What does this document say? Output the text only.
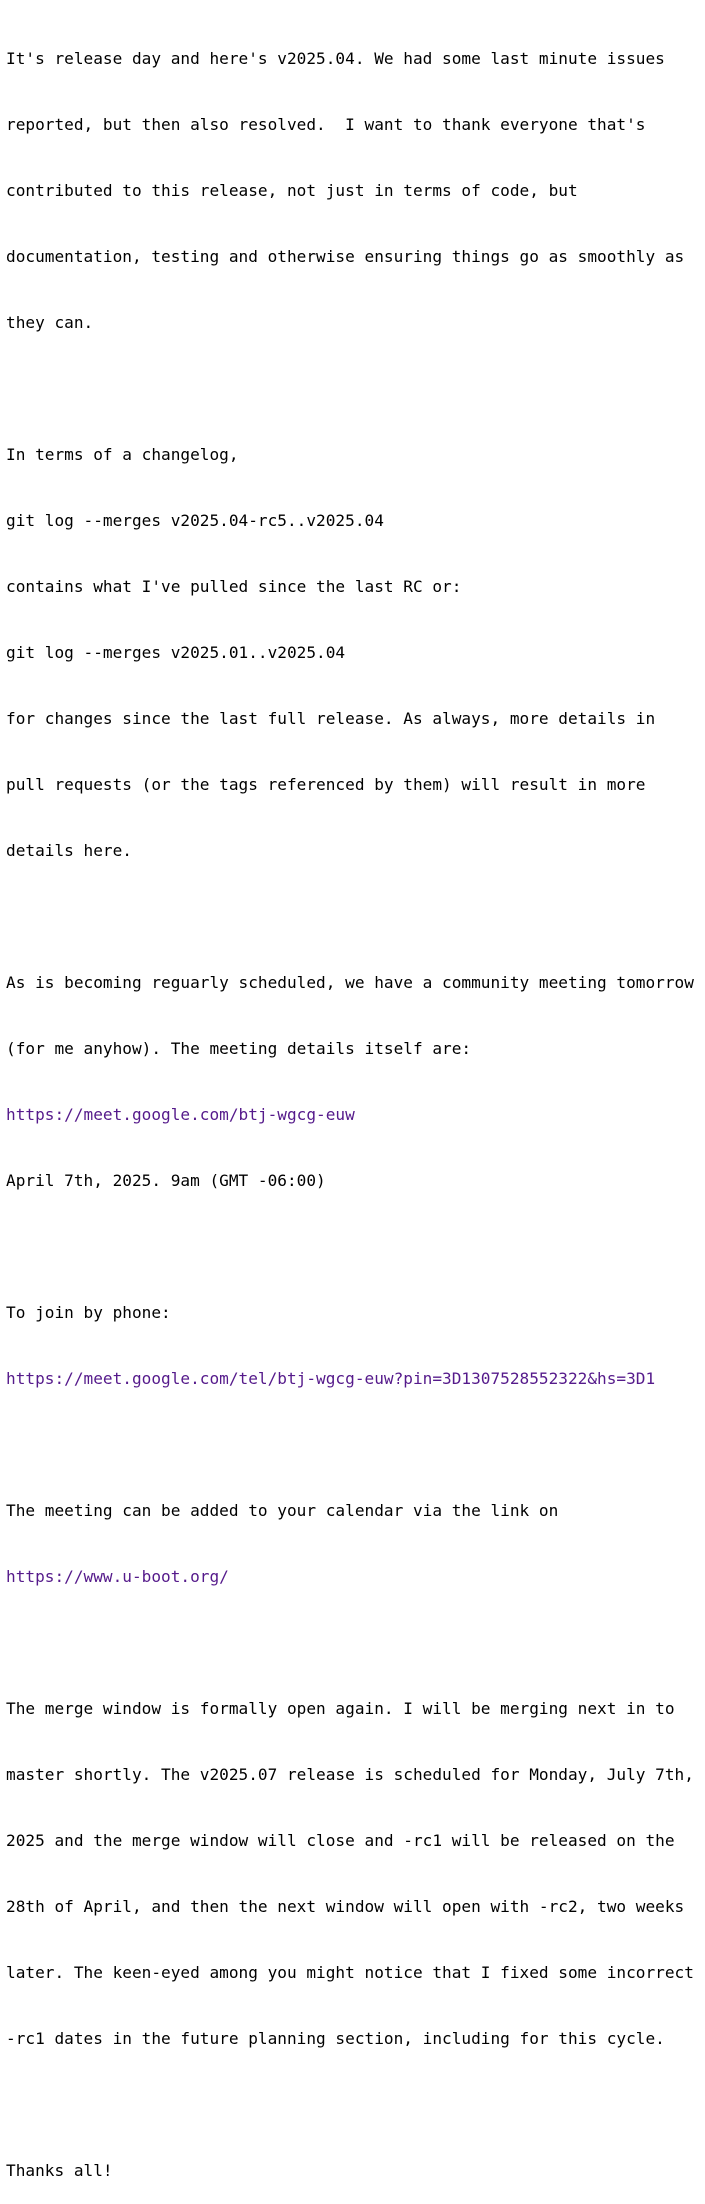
It's release day and here's v2025.04. We had some last minute issues

reported, but then also resolved.  I want to thank everyone that's

contributed to this release, not just in terms of code, but

documentation, testing and otherwise ensuring things go as smoothly as

they can.

In terms of a changelog,

git log --merges v2025.04-rc5..v2025.04

contains what I've pulled since the last RC or:

git log --merges v2025.01..v2025.04

for changes since the last full release. As always, more details in

pull requests (or the tags referenced by them) will result in more

details here.

As is becoming reguarly scheduled, we have a community meeting tomorrow

(for me anyhow). The meeting details itself are:

https://meet.google.com/btj-wgcg-euw

April 7th, 2025. 9am (GMT -06:00)

To join by phone:

https://meet.google.com/tel/btj-wgcg-euw?pin=3D1307528552322&hs=3D1

The meeting can be added to your calendar via the link on

https://www.u-boot.org/

The merge window is formally open again. I will be merging next in to

master shortly. The v2025.07 release is scheduled for Monday, July 7th,

2025 and the merge window will close and -rc1 will be released on the

28th of April, and then the next window will open with -rc2, two weeks

later. The keen-eyed among you might notice that I fixed some incorrect

-rc1 dates in the future planning section, including for this cycle.

Thanks all!
